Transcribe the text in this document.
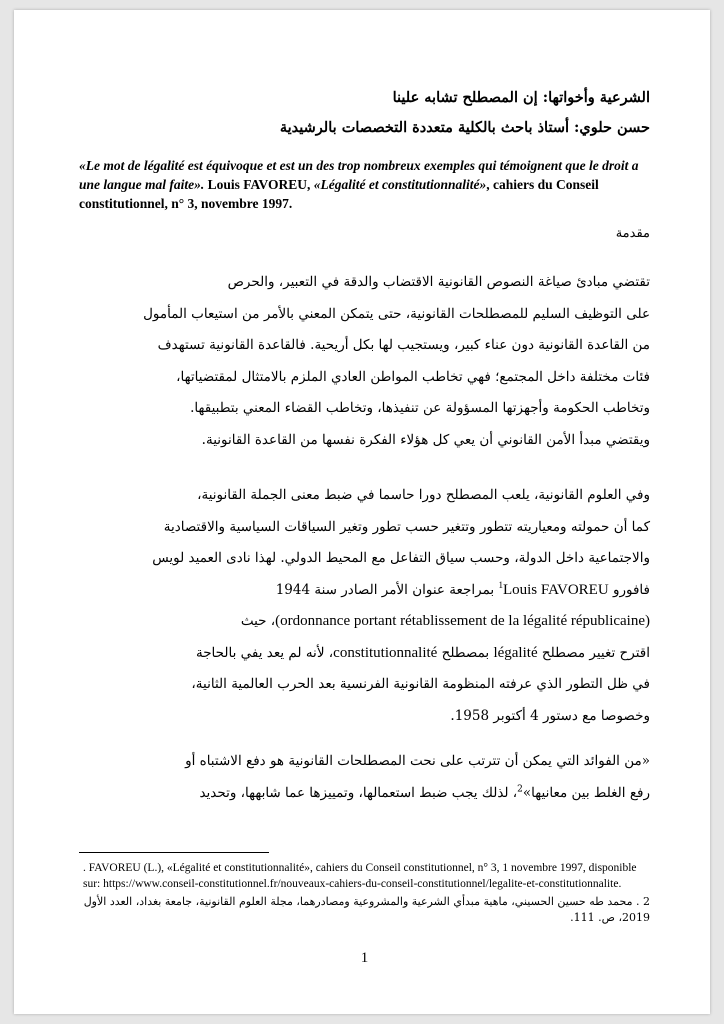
الشرعية وأخواتها: إن المصطلح تشابه علينا
حسن حلوي: أستاذ باحث بالكلية متعددة التخصصات بالرشيدية
«Le mot de légalité est équivoque et est un des trop nombreux exemples qui témoignent que le droit a une langue mal faite». Louis FAVOREU, «Légalité et constitutionnalité», cahiers du Conseil constitutionnel, n° 3, novembre 1997.
مقدمة
تقتضي مبادئ صياغة النصوص القانونية الاقتضاب والدقة في التعبير، والحرص
على التوظيف السليم للمصطلحات القانونية، حتى يتمكن المعني بالأمر من استيعاب المأمول
من القاعدة القانونية دون عناء كبير، ويستجيب لها بكل أريحية. فالقاعدة القانونية تستهدف
فئات مختلفة داخل المجتمع؛ فهي تخاطب المواطن العادي الملزم بالامتثال لمقتضياتها،
وتخاطب الحكومة وأجهزتها المسؤولة عن تنفيذها، وتخاطب القضاء المعني بتطبيقها.
ويقتضي مبدأ الأمن القانوني أن يعي كل هؤلاء الفكرة نفسها من القاعدة القانونية.
وفي العلوم القانونية، يلعب المصطلح دورا حاسما في ضبط معنى الجملة القانونية،
كما أن حمولته ومعياريته تتطور وتتغير حسب تطور وتغير السياقات السياسية والاقتصادية
والاجتماعية داخل الدولة، وحسب سياق التفاعل مع المحيط الدولي. لهذا نادى العميد لويس
فافورو $^1$Louis FAVOREU بمراجعة عنوان الأمر الصادر سنة 1944
(ordonnance portant rétablissement de la légalité républicaine)، حيث
اقترح تغيير مصطلح légalité بمصطلح constitutionnalité، لأنه لم يعد يفي بالحاجة
في ظل التطور الذي عرفته المنظومة القانونية الفرنسية بعد الحرب العالمية الثانية،
وخصوصا مع دستور 4 أكتوبر 1958.
«من الفوائد التي يمكن أن تترتب على نحت المصطلحات القانونية هو دفع الاشتباه أو
رفع الغلط بين معانيها»$^2$، لذلك يجب ضبط استعمالها، وتمييزها عما شابهها، وتحديد
. FAVOREU (L.), «Légalité et constitutionnalité», cahiers du Conseil constitutionnel, n° 3, 1 novembre 1997, disponible sur: https://www.conseil-constitutionnel.fr/nouveaux-cahiers-du-conseil-constitutionnel/legalite-et-constitutionnalite.
2 . محمد طه حسين الحسيني، ماهية مبدأي الشرعية والمشروعية ومصادرهما، مجلة العلوم القانونية، جامعة بغداد، العدد الأول 2019، ص. 111.
1
